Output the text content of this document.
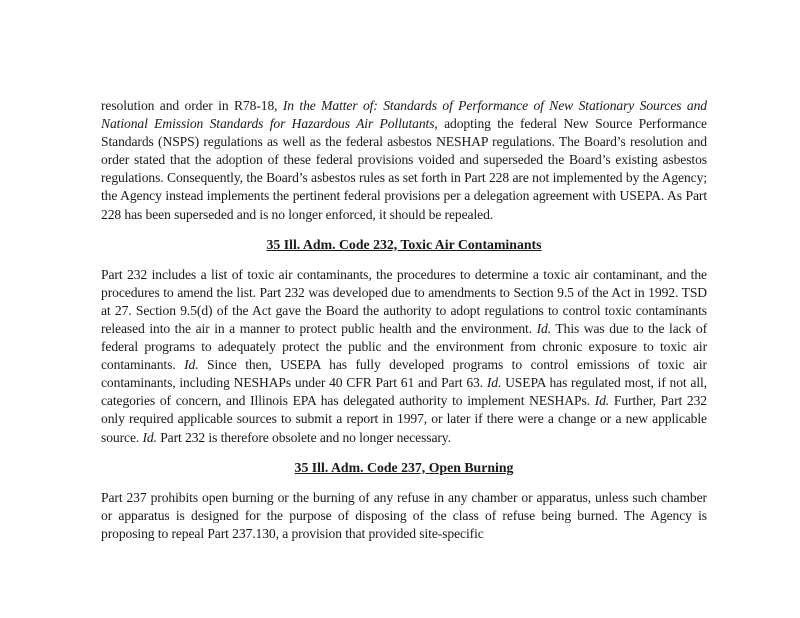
resolution and order in R78-18, In the Matter of: Standards of Performance of New Stationary Sources and National Emission Standards for Hazardous Air Pollutants, adopting the federal New Source Performance Standards (NSPS) regulations as well as the federal asbestos NESHAP regulations. The Board’s resolution and order stated that the adoption of these federal provisions voided and superseded the Board’s existing asbestos regulations. Consequently, the Board’s asbestos rules as set forth in Part 228 are not implemented by the Agency; the Agency instead implements the pertinent federal provisions per a delegation agreement with USEPA. As Part 228 has been superseded and is no longer enforced, it should be repealed.

35 Ill. Adm. Code 232, Toxic Air Contaminants

Part 232 includes a list of toxic air contaminants, the procedures to determine a toxic air contaminant, and the procedures to amend the list. Part 232 was developed due to amendments to Section 9.5 of the Act in 1992. TSD at 27. Section 9.5(d) of the Act gave the Board the authority to adopt regulations to control toxic contaminants released into the air in a manner to protect public health and the environment. Id. This was due to the lack of federal programs to adequately protect the public and the environment from chronic exposure to toxic air contaminants. Id. Since then, USEPA has fully developed programs to control emissions of toxic air contaminants, including NESHAPs under 40 CFR Part 61 and Part 63. Id. USEPA has regulated most, if not all, categories of concern, and Illinois EPA has delegated authority to implement NESHAPs. Id. Further, Part 232 only required applicable sources to submit a report in 1997, or later if there were a change or a new applicable source. Id. Part 232 is therefore obsolete and no longer necessary.

35 Ill. Adm. Code 237, Open Burning

Part 237 prohibits open burning or the burning of any refuse in any chamber or apparatus, unless such chamber or apparatus is designed for the purpose of disposing of the class of refuse being burned. The Agency is proposing to repeal Part 237.130, a provision that provided site-specific
